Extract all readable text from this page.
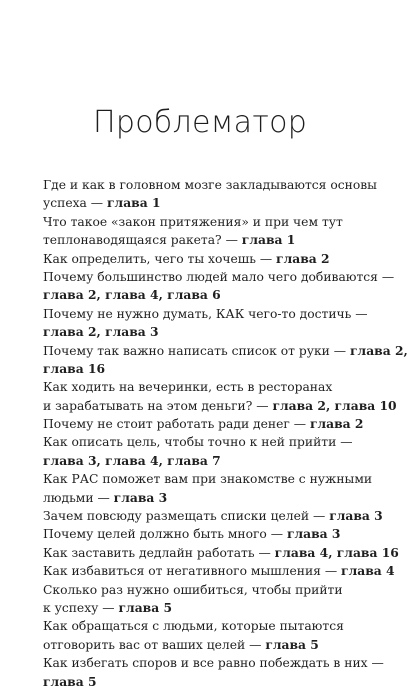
Проблематор
Где и как в головном мозге закладываются основы
успеха — глава 1
Что такое «закон притяжения» и при чем тут
теплонаводящаяся ракета? — глава 1
Как определить, чего ты хочешь — глава 2
Почему большинство людей мало чего добиваются —
глава 2, глава 4, глава 6
Почему не нужно думать, КАК чего-то достичь —
глава 2, глава 3
Почему так важно написать список от руки — глава 2,
глава 16
Как ходить на вечеринки, есть в ресторанах
и зарабатывать на этом деньги? — глава 2, глава 10
Почему не стоит работать ради денег — глава 2
Как описать цель, чтобы точно к ней прийти —
глава 3, глава 4, глава 7
Как РАС поможет вам при знакомстве с нужными
людьми — глава 3
Зачем повсюду размещать списки целей — глава 3
Почему целей должно быть много — глава 3
Как заставить дедлайн работать — глава 4, глава 16
Как избавиться от негативного мышления — глава 4
Сколько раз нужно ошибиться, чтобы прийти
к успеху — глава 5
Как обращаться с людьми, которые пытаются
отговорить вас от ваших целей — глава 5
Как избегать споров и все равно побеждать в них —
глава 5
